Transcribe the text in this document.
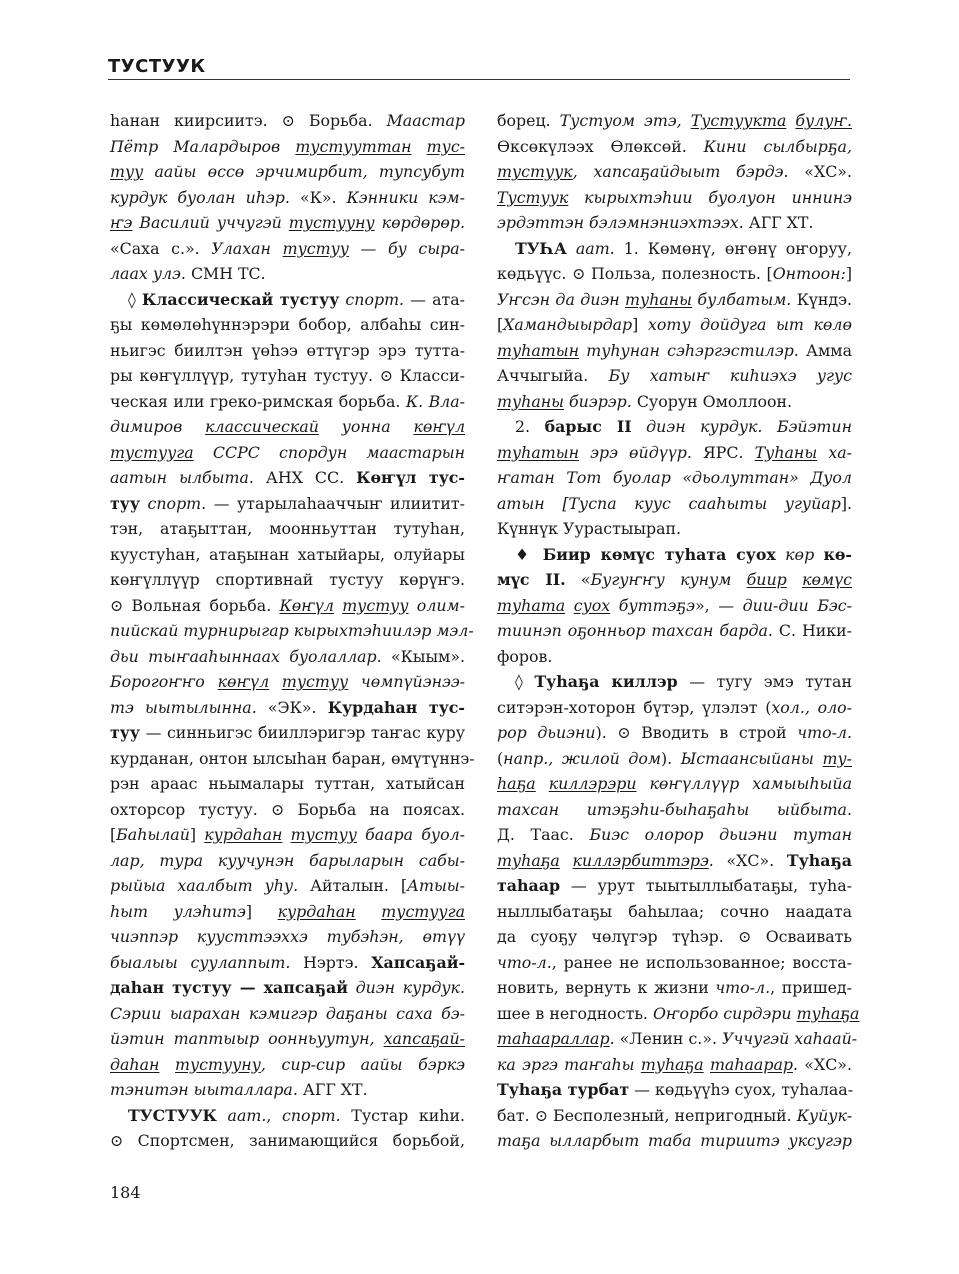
ТУСТУУК
һанан киирсиитэ. ⊙ Борьба. Маастар
Пётр Малардыров тустууттан тус-
туу аайы өссө эрчимирбит, тупсубут
курдук буолан иһэр. «К». Кэнники кэм-
ҥэ Василий уччугэй тустууну көрдөрөр.
«Саха с.». Улахан тустуу — бу сыра-
лаах улэ. СМН ТС.
◊ Классическай тустуу спорт. — ата-
ҕы көмөлөһүннэрэри бобор, албаһы син-
ньигэс биилтэн үөһээ өттүгэр эрэ тутта-
ры көҥүллүүр, тутуһан тустуу. ⊙ Класси-
ческая или греко-римская борьба. К. Вла-
димиров классическай уонна көҥүл
тустууга ССРС спордун маастарын
аатын ылбыта. АНХ СС. Көҥүл тус-
туу спорт. — утарылаһааччыҥ илиитит-
тэн, атаҕыттан, моонньуттан тутуһан,
куустуһан, атаҕынан хатыйары, олуйары
көҥүллүүр спортивнай тустуу көрүҥэ.
⊙ Вольная борьба. Көҥүл тустуу олим-
пийскай турнирыгар кырыхтэһиилэр мэл-
дьи тыҥааһыннаах буолаллар. «Кыым».
Борогоҥҥо көҥүл тустуу чөмпүйэнээ-
тэ ыытылынна. «ЭК». Курдаһан тус-
туу — синньигэс бииллэригэр таҥас куру
курданан, онтон ылсыһан баран, өмүтүннэ-
рэн араас ньымалары туттан, хатыйсан
охторсор тустуу. ⊙ Борьба на поясах.
[Баһылай] курдаһан тустуу баара буол-
лар, тура куучунэн барыларын сабы-
рыйыа хаалбыт уһу. Айталын. [Атыы-
һыт улэһитэ] курдаһан тустууга
чиэппэр куусттээххэ тубэһэн, өтүү
быалыы суулаппыт. Нэртэ. Хапсаҕай-
даһан тустуу — хапсаҕай диэн курдук.
Сэрии ыарахан кэмигэр даҕаны саха бэ-
йэтин таптыыр оонньуутун, хапсаҕай-
даһан тустууну, сир-сир аайы бэркэ
тэнитэн ыыталлара. АГГ ХТ.
ТУСТУУК аат., спорт. Тустар киһи.
⊙ Спортсмен, занимающийся борьбой,
борец. Тустуом этэ, Тустуукта булуҥ.
Өксөкүлээх Өлөксөй. Кини сылбырҕа,
тустуук, хапсаҕайдыыт бэрдэ. «ХС».
Тустуук кырыхтэһии буолуон иннинэ
эрдэттэн бэлэмнэниэхтээх. АГГ ХТ.
ТУҺА аат. 1. Көмөнү, өҥөнү оҥоруу,
көдьүүс. ⊙ Польза, полезность. [Онтоон:]
Уҥсэн да диэн туһаны булбатым. Күндэ.
[Хамандыырдар] хоту дойдуга ыт көлө
туһатын туһунан сэһэргэстилэр. Амма
Аччыгыйа. Бу хатыҥ киһиэхэ угус
туһаны биэрэр. Суорун Омоллоон.
2. барыс II диэн курдук. Бэйэтин
туһатын эрэ өйдүүр. ЯРС. Туһаны ха-
ҥатан Тот буолар «дьолуттан» Дуол
атын [Туспа куус сааһыты угуйар].
Күннүк Уурастыырап.
♦ Биир көмүс туһата суох көр кө-
мүс II. «Бугуҥҥу кунум биир көмүс
туһата суох буттэҕэ», — дии-дии Бэс-
тиинэп оҕонньор тахсан барда. С. Ники-
форов.
◊ Туһаҕа киллэр — тугу эмэ тутан
ситэрэн-хоторон бүтэр, үлэлэт (хол., оло-
рор дьиэни). ⊙ Вводить в строй что-л.
(напр., жилой дом). Ыстаансыйаны ту-
һаҕа киллэрэри көҥүллүүр хамыыһыйа
тахсан итэҕэһи-быһаҕаһы ыйбыта.
Д. Таас. Биэс олорор дьиэни тутан
туһаҕа киллэрбиттэрэ. «ХС». Туһаҕа
таһаар — урут тыытыллыбатаҕы, туһа-
ныллыбатаҕы баһылаа; сочно наадата
да суоҕу чөлүгэр түһэр. ⊙ Осваивать
что-л., ранее не использованное; восста-
новить, вернуть к жизни что-л., пришед-
шее в негодность. Оҥорбо сирдэри туһаҕа
таһаараллар. «Ленин с.». Уччугэй хаһаай-
ка эргэ таҥаһы туһаҕа таһаарар. «ХС».
Туһаҕа турбат — көдьүүһэ суох, туһалаа-
бат. ⊙ Бесполезный, непригодный. Куйук-
таҕа ылларбыт таба тириитэ уксугэр
184
